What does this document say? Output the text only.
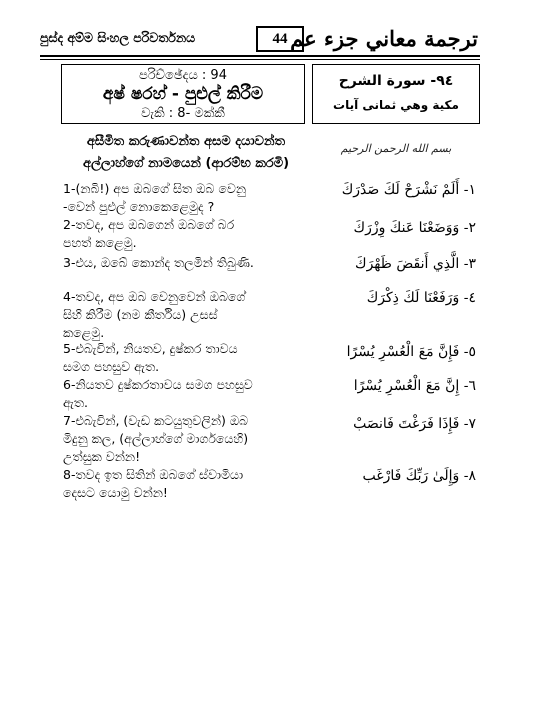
පුස්ද අම්ම සිංහල පරිවර්තනය	44 ترجمة معاني جزء عم
පරිච්ඡේදය : 94
අෂ් ෂරහ් - පුළුල් කිරීම
වැකි : 8- මක්කී
٩٤- سورة الشرح
مكية وهي ثمانى آيات
අසීමිත කරුණාවන්ත අසම දයාවන්ත
අල්ලාහ්ගේ නාමයෙන් (ආරම්භ කරමි)
بسم الله الرحمن الرحيم
1-(නබි!) අප ඔබගේ සිත ඔබ වෙනු
-වෙන් පුළුල් නොකෙළෙමුද ?
١- أَلَمْ نَشْرَحْ لَكَ صَدْرَكَ
2-තවද, අප ඔබගෙන් ඔබගේ බර
පහත් කළෙමු.
٢- وَوَضَعْنَا عَنكَ وِزْرَكَ
3-එය, ඔබේ කොන්ද තලමින් තිබුණි.	٣- الَّذِي أَنقَضَ ظَهْرَكَ
4-තවද, අප ඔබ වෙනුවෙන් ඔබගේ
සිහි කිරීම (නම කීර්තිය) උසස්
කළෙමු.
٤- وَرَفَعْنَا لَكَ ذِكْرَكَ
5-එබැවින්, නියතව, දුෂ්කර තාවය
සමග පහසුව ඇත.
٥- فَإِنَّ مَعَ الْعُسْرِ يُسْرًا
6-නියතව දුෂ්කරතාවය සමග පහසුව
ඇත.
٦- إِنَّ مَعَ الْعُسْرِ يُسْرًا
7-එබැවින්, (වැඩ කටයුතුවලින්) ඔබ
මිදුනු කල, (අල්ලාහ්ගේ මාර්ගයෙහි)
උත්සුක වන්න!
٧- فَإِذَا فَرَغْتَ فَانصَبْ
8-තවද ඉත සිතින් ඔබගේ ස්වාමියා
දෙසට යොමු වන්න!
٨- وَإِلَىٰ رَبِّكَ فَارْغَب
